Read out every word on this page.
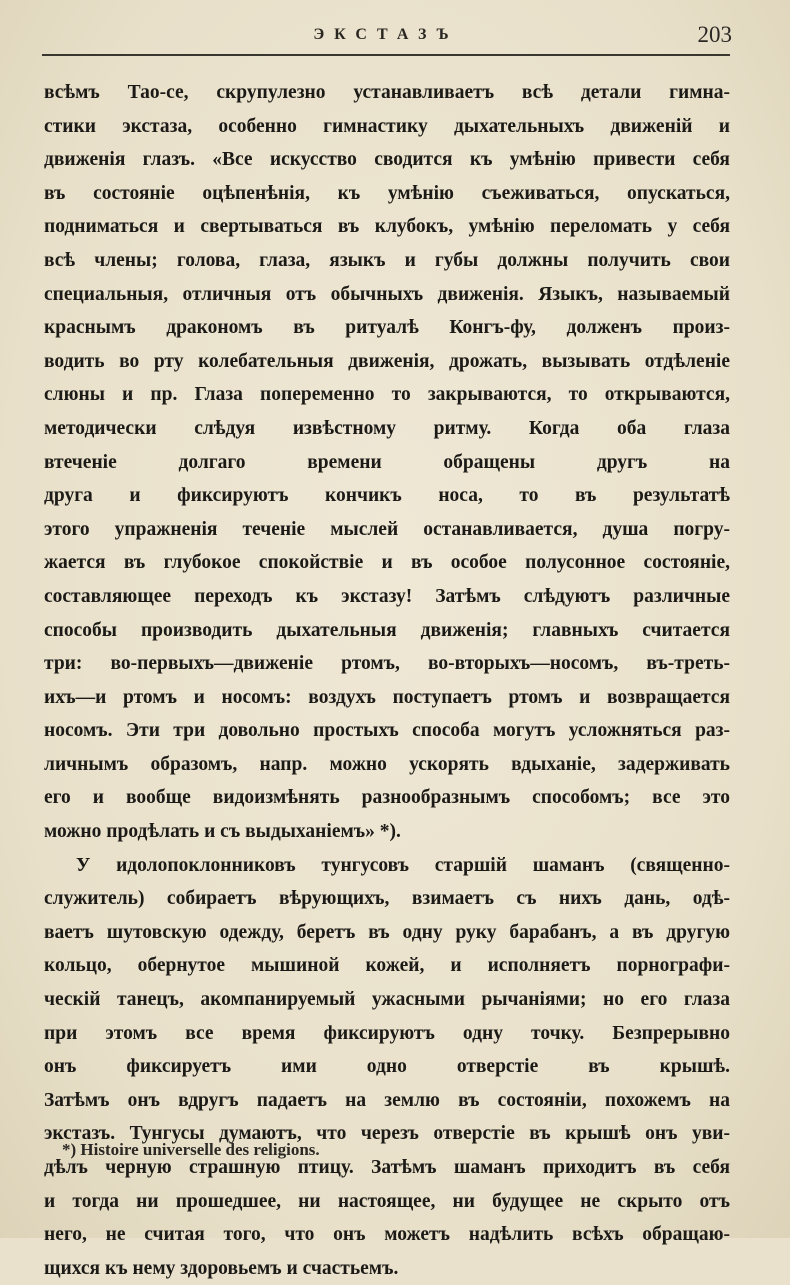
ЭКСТАЗЪ	203
всѣмъ Тао-се, скрупулезно устанавливаетъ всѣ детали гимна-
стики экстаза, особенно гимнастику дыхательныхъ движеній и
движенія глазъ. «Все искусство сводится къ умѣнію привести себя
въ состояніе оцѣпенѣнія, къ умѣнію съеживаться, опускаться,
подниматься и свертываться въ клубокъ, умѣнію переломать у себя
всѣ члены; голова, глаза, языкъ и губы должны получить свои
специальныя, отличныя отъ обычныхъ движенія. Языкъ, называемый
краснымъ дракономъ въ ритуалѣ Конгъ-фу, долженъ произ-
водить во рту колебательныя движенія, дрожать, вызывать отдѣленіе
слюны и пр. Глаза попеременно то закрываются, то открываются,
методически слѣдуя извѣстному ритму. Когда оба глаза
втеченіе долгаго времени обращены другъ на
друга и фиксируютъ кончикъ носа, то въ результатѣ
этого упражненія теченіе мыслей останавливается, душа погру-
жается въ глубокое спокойствіе и въ особое полусонное состояніе,
составляющее переходъ къ экстазу! Затѣмъ слѣдуютъ различные
способы производить дыхательныя движенія; главныхъ считается
три: во-первыхъ—движеніе ртомъ, во-вторыхъ—носомъ, въ-треть-
ихъ—и ртомъ и носомъ: воздухъ поступаетъ ртомъ и возвращается
носомъ. Эти три довольно простыхъ способа могутъ усложняться раз-
личнымъ образомъ, напр. можно ускорять вдыханіе, задерживать
его и вообще видоизмѣнять разнообразнымъ способомъ; все это
можно продѣлать и съ выдыханіемъ» *).
У идолопоклонниковъ тунгусовъ старшій шаманъ (священно-
служитель) собираетъ вѣрующихъ, взимаетъ съ нихъ дань, одѣ-
ваетъ шутовскую одежду, беретъ въ одну руку барабанъ, а въ другую
кольцо, обернутое мышиной кожей, и исполняетъ порнографи-
ческій танецъ, акомпанируемый ужасными рычаніями; но его глаза
при этомъ все время фиксируютъ одну точку. Безпрерывно
онъ фиксируетъ ими одно отверстіе въ крышѣ.
Затѣмъ онъ вдругъ падаетъ на землю въ состояніи, похожемъ на
экстазъ. Тунгусы думаютъ, что черезъ отверстіе въ крышѣ онъ уви-
дѣлъ черную страшную птицу. Затѣмъ шаманъ приходитъ въ себя
и тогда ни прошедшее, ни настоящее, ни будущее не скрыто отъ
него, не считая того, что онъ можетъ надѣлить всѣхъ обращаю-
щихся къ нему здоровьемъ и счастьемъ.
*) Histoire universelle des religions.
